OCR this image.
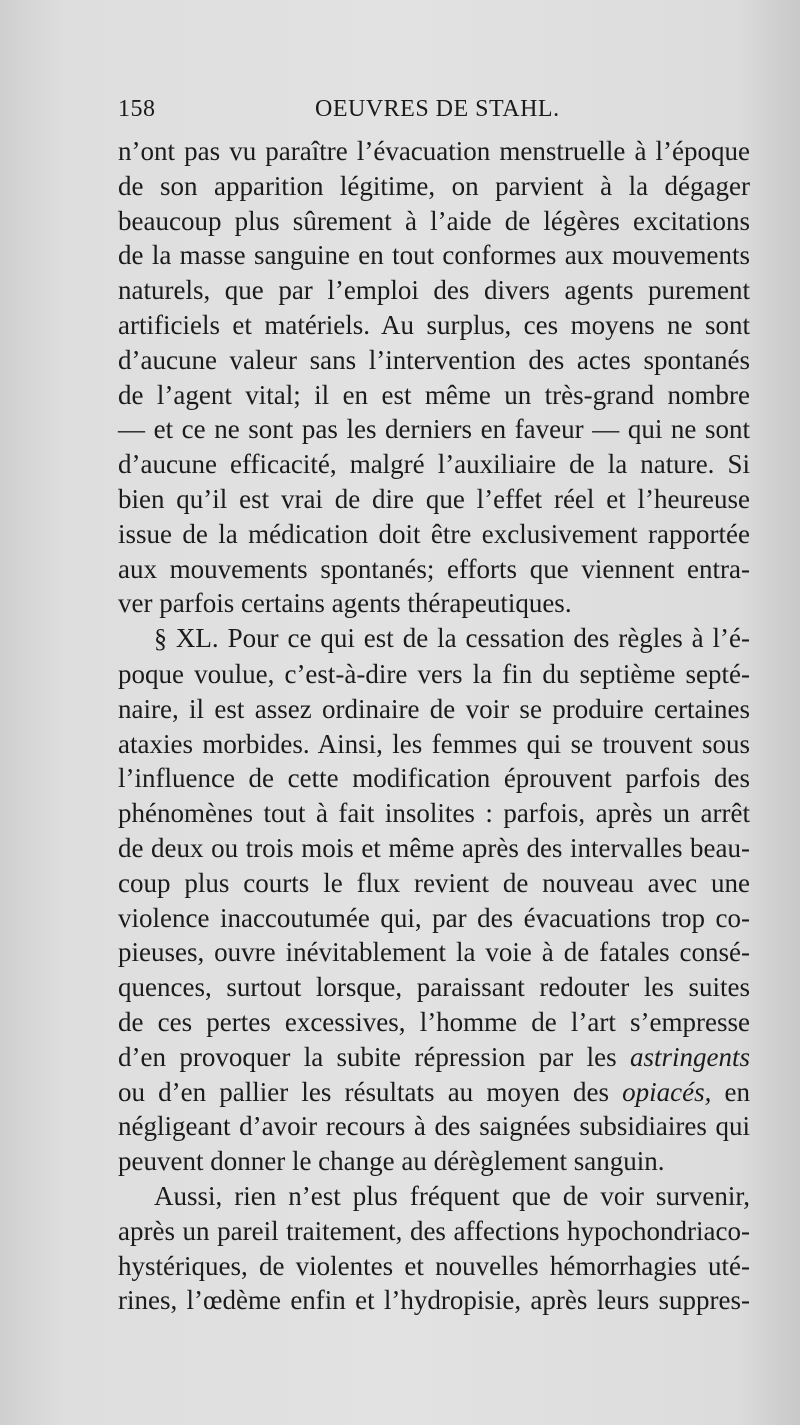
158	OEUVRES DE STAHL.

n’ont pas vu paraître l’évacuation menstruelle à l’époque

de son apparition légitime, on parvient à la dégager

beaucoup plus sûrement à l’aide de légères excitations

de la masse sanguine en tout conformes aux mouvements

naturels, que par l’emploi des divers agents purement

artificiels et matériels. Au surplus, ces moyens ne sont

d’aucune valeur sans l’intervention des actes spontanés

de l’agent vital; il en est même un très-grand nombre

— et ce ne sont pas les derniers en faveur — qui ne sont

d’aucune efficacité, malgré l’auxiliaire de la nature. Si

bien qu’il est vrai de dire que l’effet réel et l’heureuse

issue de la médication doit être exclusivement rapportée

aux mouvements spontanés; efforts que viennent entra-

ver parfois certains agents thérapeutiques.

§ XL. Pour ce qui est de la cessation des règles à l’é-

poque voulue, c’est-à-dire vers la fin du septième septé-

naire, il est assez ordinaire de voir se produire certaines

ataxies morbides. Ainsi, les femmes qui se trouvent sous

l’influence de cette modification éprouvent parfois des

phénomènes tout à fait insolites : parfois, après un arrêt

de deux ou trois mois et même après des intervalles beau-

coup plus courts le flux revient de nouveau avec une

violence inaccoutumée qui, par des évacuations trop co-

pieuses, ouvre inévitablement la voie à de fatales consé-

quences, surtout lorsque, paraissant redouter les suites

de ces pertes excessives, l’homme de l’art s’empresse

d’en provoquer la subite répression par les astringents

ou d’en pallier les résultats au moyen des opiacés, en

négligeant d’avoir recours à des saignées subsidiaires qui

peuvent donner le change au dérèglement sanguin.

Aussi, rien n’est plus fréquent que de voir survenir,

après un pareil traitement, des affections hypochondriaco-

hystériques, de violentes et nouvelles hémorrhagies uté-

rines, l’œdème enfin et l’hydropisie, après leurs suppres-
